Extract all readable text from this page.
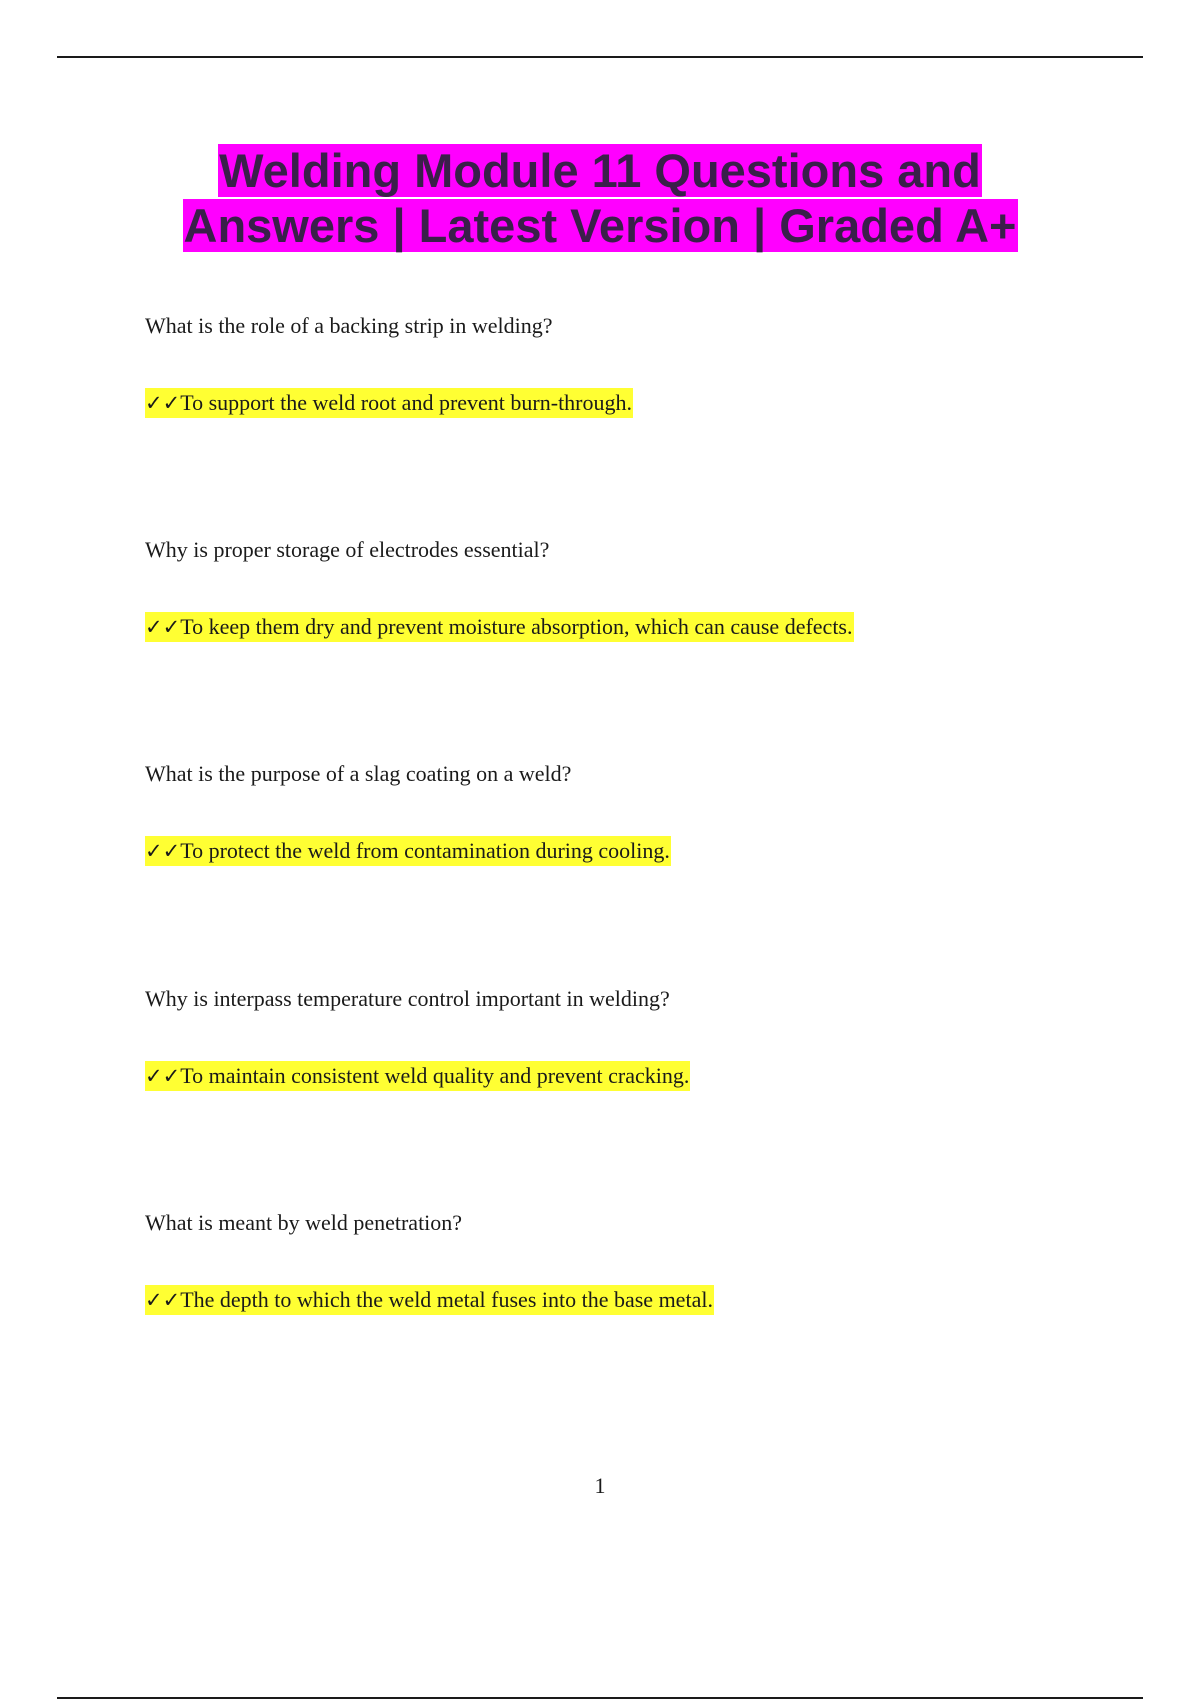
Welding Module 11 Questions and
Answers | Latest Version | Graded A+
What is the role of a backing strip in welding?
✓✓To support the weld root and prevent burn-through.
Why is proper storage of electrodes essential?
✓✓To keep them dry and prevent moisture absorption, which can cause defects.
What is the purpose of a slag coating on a weld?
✓✓To protect the weld from contamination during cooling.
Why is interpass temperature control important in welding?
✓✓To maintain consistent weld quality and prevent cracking.
What is meant by weld penetration?
✓✓The depth to which the weld metal fuses into the base metal.
1
